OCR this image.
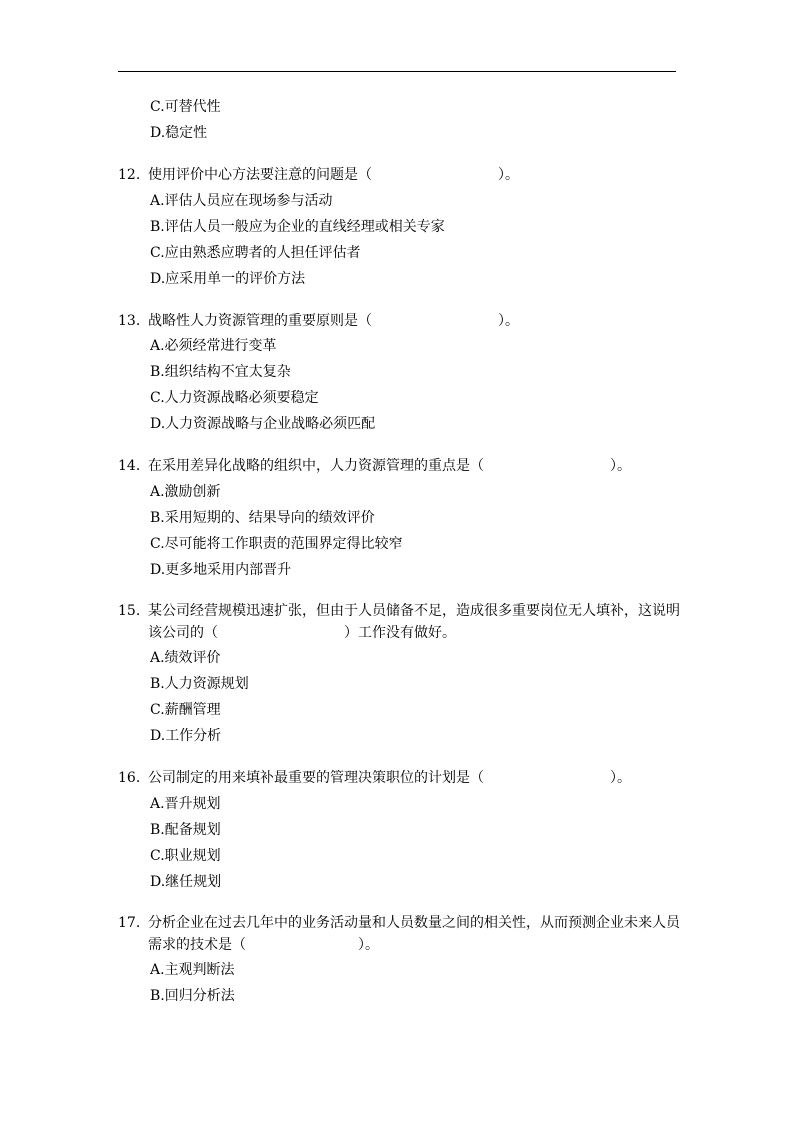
C.可替代性
D.稳定性
12. 使用评价中心方法要注意的问题是（　　　　　　　　　）。
A.评估人员应在现场参与活动
B.评估人员一般应为企业的直线经理或相关专家
C.应由熟悉应聘者的人担任评估者
D.应采用单一的评价方法
13. 战略性人力资源管理的重要原则是（　　　　　　　　　）。
A.必须经常进行变革
B.组织结构不宜太复杂
C.人力资源战略必须要稳定
D.人力资源战略与企业战略必须匹配
14. 在采用差异化战略的组织中，人力资源管理的重点是（　　　　　　　　　）。
A.激励创新
B.采用短期的、结果导向的绩效评价
C.尽可能将工作职责的范围界定得比较窄
D.更多地采用内部晋升
15. 某公司经营规模迅速扩张，但由于人员储备不足，造成很多重要岗位无人填补，这说明
该公司的（　　　　　　　　　）工作没有做好。
A.绩效评价
B.人力资源规划
C.薪酬管理
D.工作分析
16. 公司制定的用来填补最重要的管理决策职位的计划是（　　　　　　　　　）。
A.晋升规划
B.配备规划
C.职业规划
D.继任规划
17. 分析企业在过去几年中的业务活动量和人员数量之间的相关性，从而预测企业未来人员
需求的技术是（　　　　　　　　）。
A.主观判断法
B.回归分析法
